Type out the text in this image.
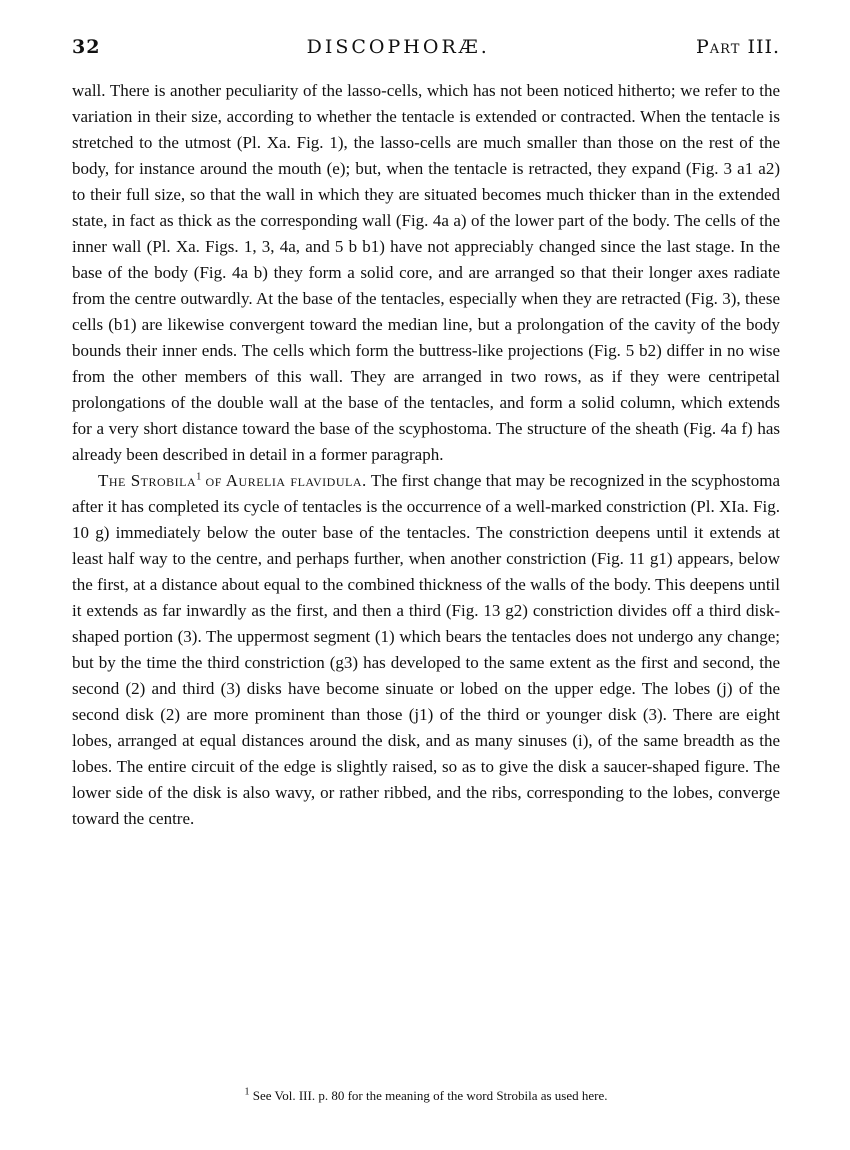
32	DISCOPHORÆ.	Part III.

wall. There is another peculiarity of the lasso-cells, which has not been noticed hitherto; we refer to the variation in their size, according to whether the tentacle is extended or contracted. When the tentacle is stretched to the utmost (Pl. Xa. Fig. 1), the lasso-cells are much smaller than those on the rest of the body, for instance around the mouth (e); but, when the tentacle is retracted, they expand (Fig. 3 a1 a2) to their full size, so that the wall in which they are situated becomes much thicker than in the extended state, in fact as thick as the corresponding wall (Fig. 4a a) of the lower part of the body. The cells of the inner wall (Pl. Xa. Figs. 1, 3, 4a, and 5 b b1) have not appreciably changed since the last stage. In the base of the body (Fig. 4a b) they form a solid core, and are arranged so that their longer axes radiate from the centre outwardly. At the base of the tentacles, especially when they are retracted (Fig. 3), these cells (b1) are likewise convergent toward the median line, but a prolongation of the cavity of the body bounds their inner ends. The cells which form the buttress-like projections (Fig. 5 b2) differ in no wise from the other members of this wall. They are arranged in two rows, as if they were centripetal prolongations of the double wall at the base of the tentacles, and form a solid column, which extends for a very short distance toward the base of the scyphostoma. The structure of the sheath (Fig. 4a f) has already been described in detail in a former paragraph.

The Strobila$^1$ of Aurelia flavidula. The first change that may be recognized in the scyphostoma after it has completed its cycle of tentacles is the occurrence of a well-marked constriction (Pl. XIa. Fig. 10 g) immediately below the outer base of the tentacles. The constriction deepens until it extends at least half way to the centre, and perhaps further, when another constriction (Fig. 11 g1) appears, below the first, at a distance about equal to the combined thickness of the walls of the body. This deepens until it extends as far inwardly as the first, and then a third (Fig. 13 g2) constriction divides off a third disk-shaped portion (3). The uppermost segment (1) which bears the tentacles does not undergo any change; but by the time the third constriction (g3) has developed to the same extent as the first and second, the second (2) and third (3) disks have become sinuate or lobed on the upper edge. The lobes (j) of the second disk (2) are more prominent than those (j1) of the third or younger disk (3). There are eight lobes, arranged at equal distances around the disk, and as many sinuses (i), of the same breadth as the lobes. The entire circuit of the edge is slightly raised, so as to give the disk a saucer-shaped figure. The lower side of the disk is also wavy, or rather ribbed, and the ribs, corresponding to the lobes, converge toward the centre.

$^1$ See Vol. III. p. 80 for the meaning of the word Strobila as used here.
